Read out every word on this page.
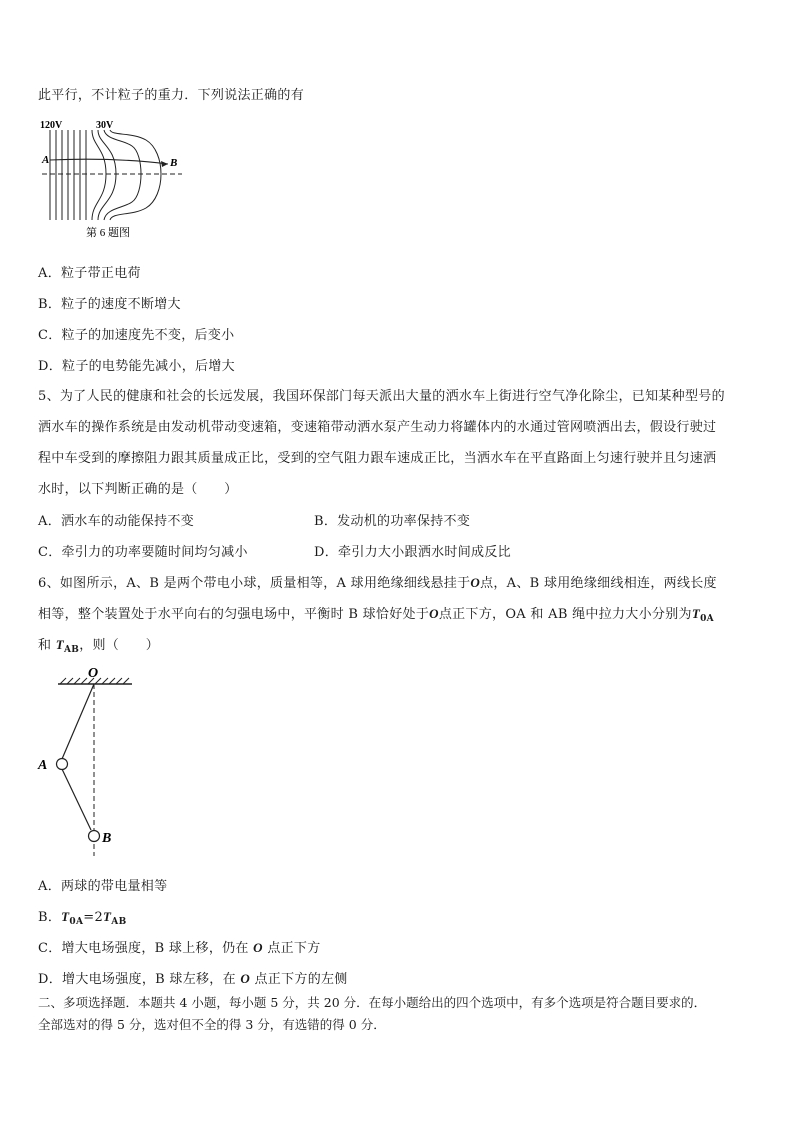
此平行，不计粒子的重力．下列说法正确的有
120V	30V
A	B
第 6 题图
A．粒子带正电荷
B．粒子的速度不断增大
C．粒子的加速度先不变，后变小
D．粒子的电势能先减小，后增大
5、为了人民的健康和社会的长远发展，我国环保部门每天派出大量的洒水车上街进行空气净化除尘，已知某种型号的
洒水车的操作系统是由发动机带动变速箱，变速箱带动洒水泵产生动力将罐体内的水通过管网喷洒出去，假设行驶过
程中车受到的摩擦阻力跟其质量成正比，受到的空气阻力跟车速成正比，当洒水车在平直路面上匀速行驶并且匀速洒
水时，以下判断正确的是（　　）
A．洒水车的动能保持不变	B．发动机的功率保持不变
C．牵引力的功率要随时间均匀减小	D．牵引力大小跟洒水时间成反比
6、如图所示，A、B 是两个带电小球，质量相等，A 球用绝缘细线悬挂于O点，A、B 球用绝缘细线相连，两线长度
相等，整个装置处于水平向右的匀强电场中，平衡时 B 球恰好处于O点正下方，OA 和 AB 绳中拉力大小分别为$T_{0A}$
和 $T_{AB}$，则（　　）
O
A
B
A．两球的带电量相等
B．$T_{0A}=2T_{AB}$
C．增大电场强度，B 球上移，仍在 O 点正下方
D．增大电场强度，B 球左移，在 O 点正下方的左侧
二、多项选择题．本题共 4 小题，每小题 5 分，共 20 分．在每小题给出的四个选项中，有多个选项是符合题目要求的．
全部选对的得 5 分，选对但不全的得 3 分，有选错的得 0 分．
